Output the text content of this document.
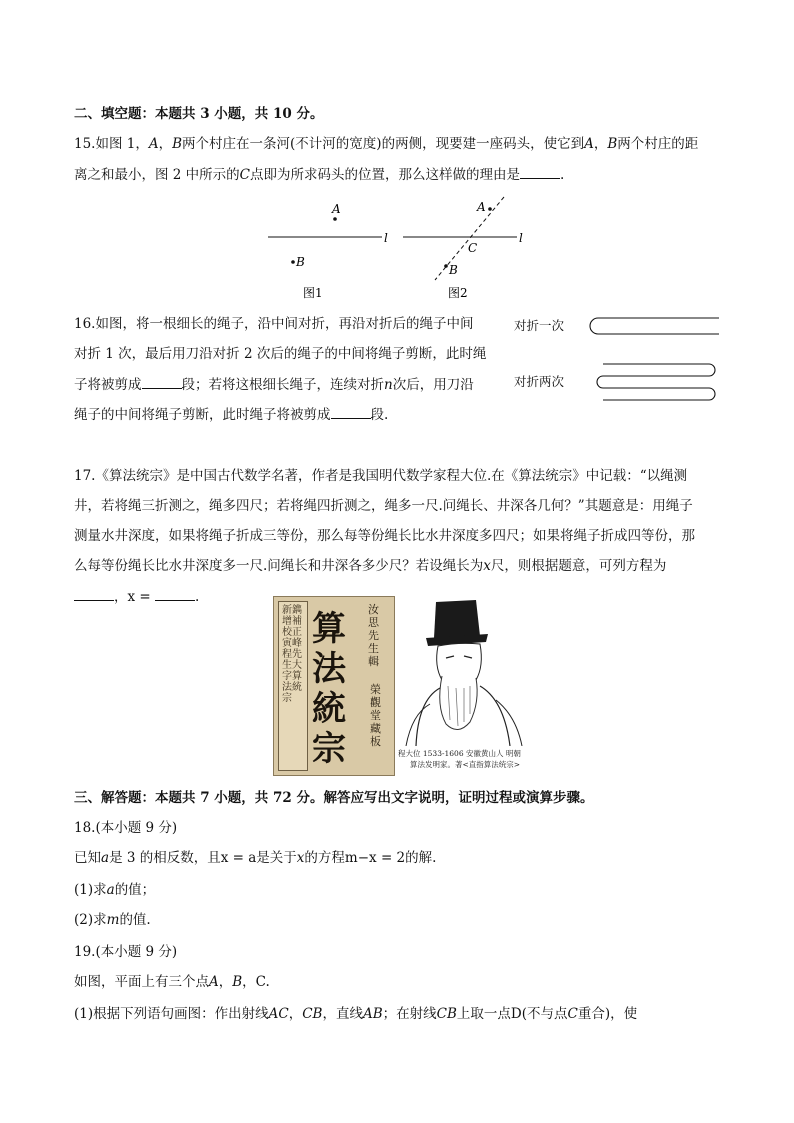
二、填空题：本题共 3 小题，共 10 分。
15.如图 1，A，B两个村庄在一条河(不计河的宽度)的两侧，现要建一座码头，使它到A，B两个村庄的距
离之和最小，图 2 中所示的C点即为所求码头的位置，那么这样做的理由是	.
A
B
l
图1
A
B
C
l
图2
16.如图，将一根细长的绳子，沿中间对折，再沿对折后的绳子中间
对折 1 次，最后用刀沿对折 2 次后的绳子的中间将绳子剪断，此时绳
子将被剪成	段；若将这根细长绳子，连续对折n次后，用刀沿
绳子的中间将绳子剪断，此时绳子将被剪成	段.
对折一次
对折两次
17.《算法统宗》是中国古代数学名著，作者是我国明代数学家程大位.在《算法统宗》中记载：“以绳测
井，若将绳三折测之，绳多四尺；若将绳四折测之，绳多一尺.问绳长、井深各几何？”其题意是：用绳子
测量水井深度，如果将绳子折成三等份，那么每等份绳长比水井深度多四尺；如果将绳子折成四等份，那
么每等份绳长比水井深度多一尺.问绳长和井深各多少尺？若设绳长为x尺，则根据题意，可列方程为
，x =	.
新鐫增補校正寅峰程先生大字算法統宗
算法統宗
汝思先生輯
榮觀堂藏板
程大位 1533-1606 安徽黄山人 明朝
算法发明家。著<直指算法统宗>
三、解答题：本题共 7 小题，共 72 分。解答应写出文字说明，证明过程或演算步骤。
18.(本小题 9 分)
已知a是 3 的相反数，且x = a是关于x的方程m−x = 2的解.
(1)求a的值；
(2)求m的值.
19.(本小题 9 分)
如图，平面上有三个点A，B，C.
(1)根据下列语句画图：作出射线AC，CB，直线AB；在射线CB上取一点D(不与点C重合)，使
